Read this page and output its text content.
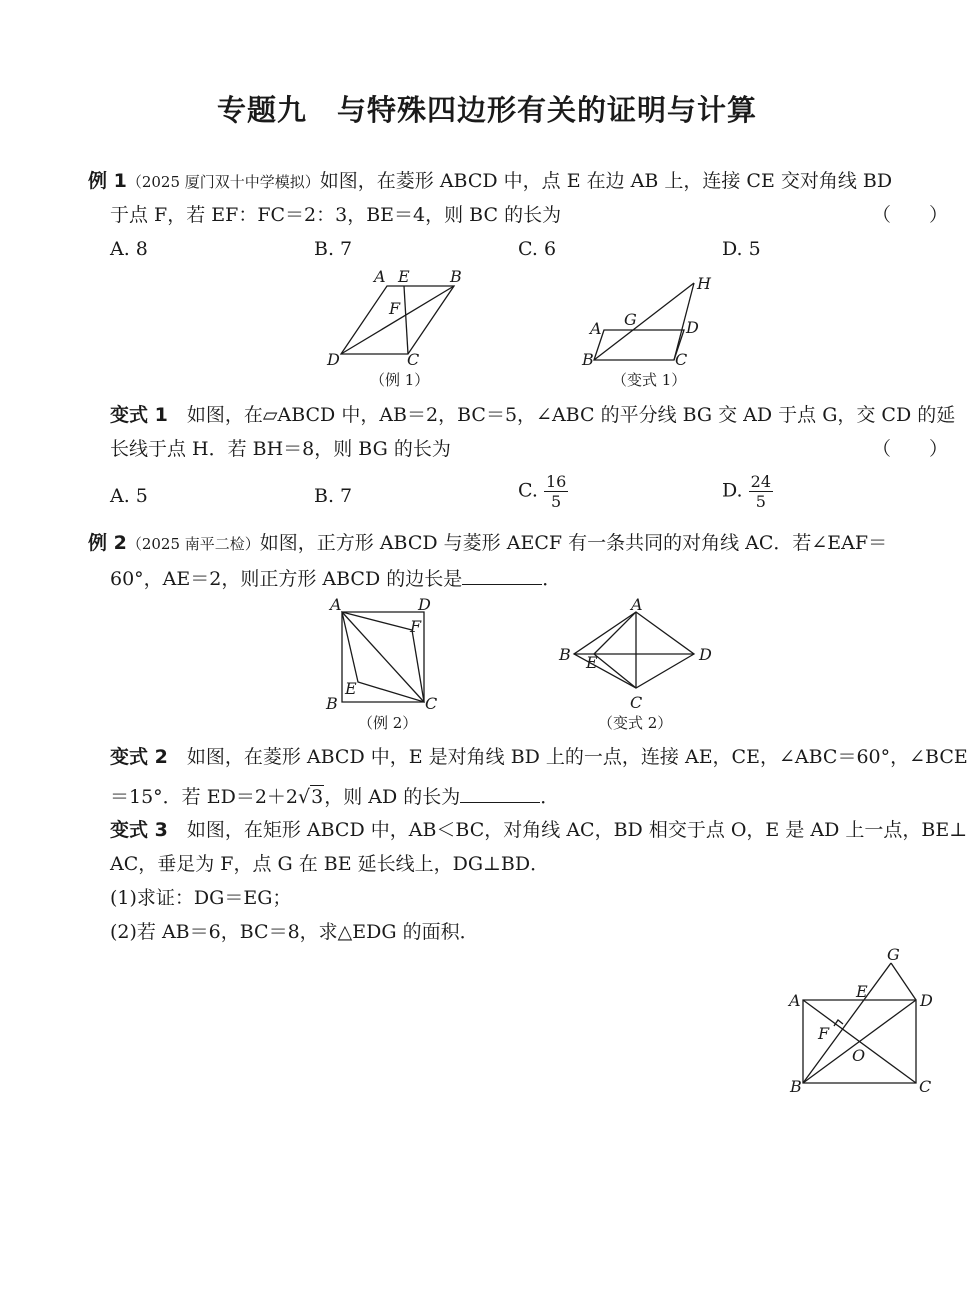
专题九　与特殊四边形有关的证明与计算
例 1（2025 厦门双十中学模拟）如图，在菱形 ABCD 中，点 E 在边 AB 上，连接 CE 交对角线 BD
于点 F，若 EF：FC＝2：3，BE＝4，则 BC 的长为	（　　）
A. 8	B. 7	C. 6	D. 5
A E	B
F
D	C
（例 1）
H
A G	D
B	C
（变式 1）
变式 1　 如图，在▱ABCD 中，AB＝2，BC＝5，∠ABC 的平分线 BG 交 AD 于点 G，交 CD 的延
长线于点 H．若 BH＝8，则 BG 的长为	（　　）
A. 5	B. 7	C. $\frac{16}{5}$	D. $\frac{24}{5}$
例 2（2025 南平二检）如图，正方形 ABCD 与菱形 AECF 有一条共同的对角线 AC．若∠EAF＝
60°，AE＝2，则正方形 ABCD 的边长是	．
A	D
F
E
B	C
（例 2）
A
B E	D
C
（变式 2）
变式 2　 如图，在菱形 ABCD 中，E 是对角线 BD 上的一点，连接 AE，CE，∠ABC＝60°，∠BCE
＝15°．若 ED＝2＋2√3，则 AD 的长为	．
变式 3　 如图，在矩形 ABCD 中，AB＜BC，对角线 AC，BD 相交于点 O，E 是 AD 上一点，BE⊥
AC，垂足为 F，点 G 在 BE 延长线上，DG⊥BD．
(1)求证：DG＝EG；
(2)若 AB＝6，BC＝8，求△EDG 的面积．
G
A	E	D
F
O
B	C
